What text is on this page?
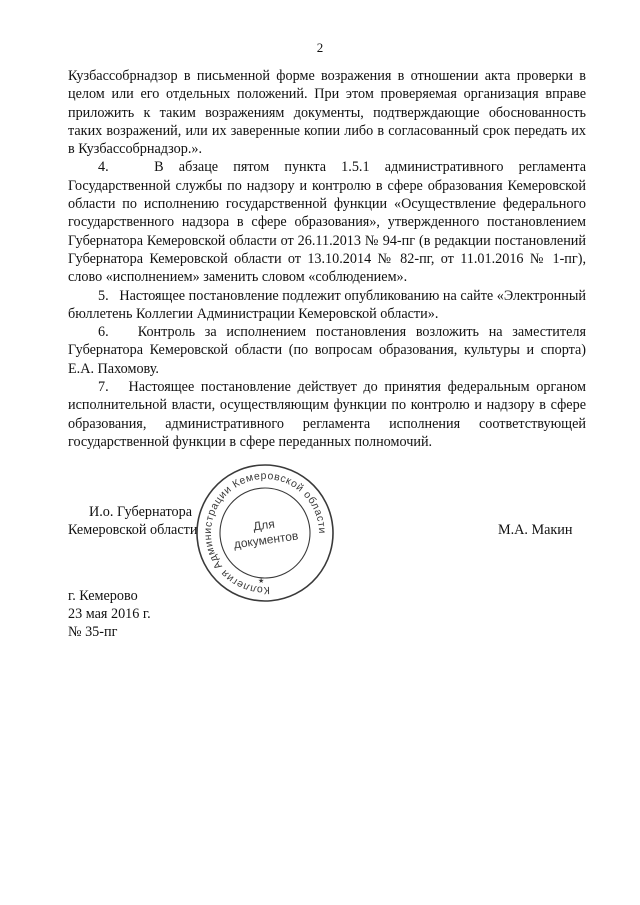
2

Кузбассобрнадзор в письменной форме возражения в отношении акта проверки в целом или его отдельных положений. При этом проверяемая организация вправе приложить к таким возражениям документы, подтверждающие обоснованность таких возражений, или их заверенные копии либо в согласованный срок передать их в Кузбассобрнадзор.».

4.   В абзаце пятом пункта 1.5.1 административного регламента Государственной службы по надзору и контролю в сфере образования Кемеровской области по исполнению государственной функции «Осуществление федерального государственного надзора в сфере образования», утвержденного постановлением Губернатора Кемеровской области от 26.11.2013 № 94-пг (в редакции постановлений Губернатора Кемеровской области от 13.10.2014 № 82-пг, от 11.01.2016 № 1-пг), слово «исполнением» заменить словом «соблюдением».

5.   Настоящее постановление подлежит опубликованию на сайте «Электронный бюллетень Коллегии Администрации Кемеровской области».

6.   Контроль за исполнением постановления возложить на заместителя Губернатора Кемеровской области (по вопросам образования, культуры и спорта) Е.А. Пахомову.

7.   Настоящее постановление действует до принятия федеральным органом исполнительной власти, осуществляющим функции по контролю и надзору в сфере образования, административного регламента исполнения соответствующей государственной функции в сфере переданных полномочий.

И.о. Губернатора
Кемеровской области	М.А. Макин
Коллегия Администрации Кемеровской области
Для
документов
★
г. Кемерово
23 мая 2016 г.
№ 35-пг
